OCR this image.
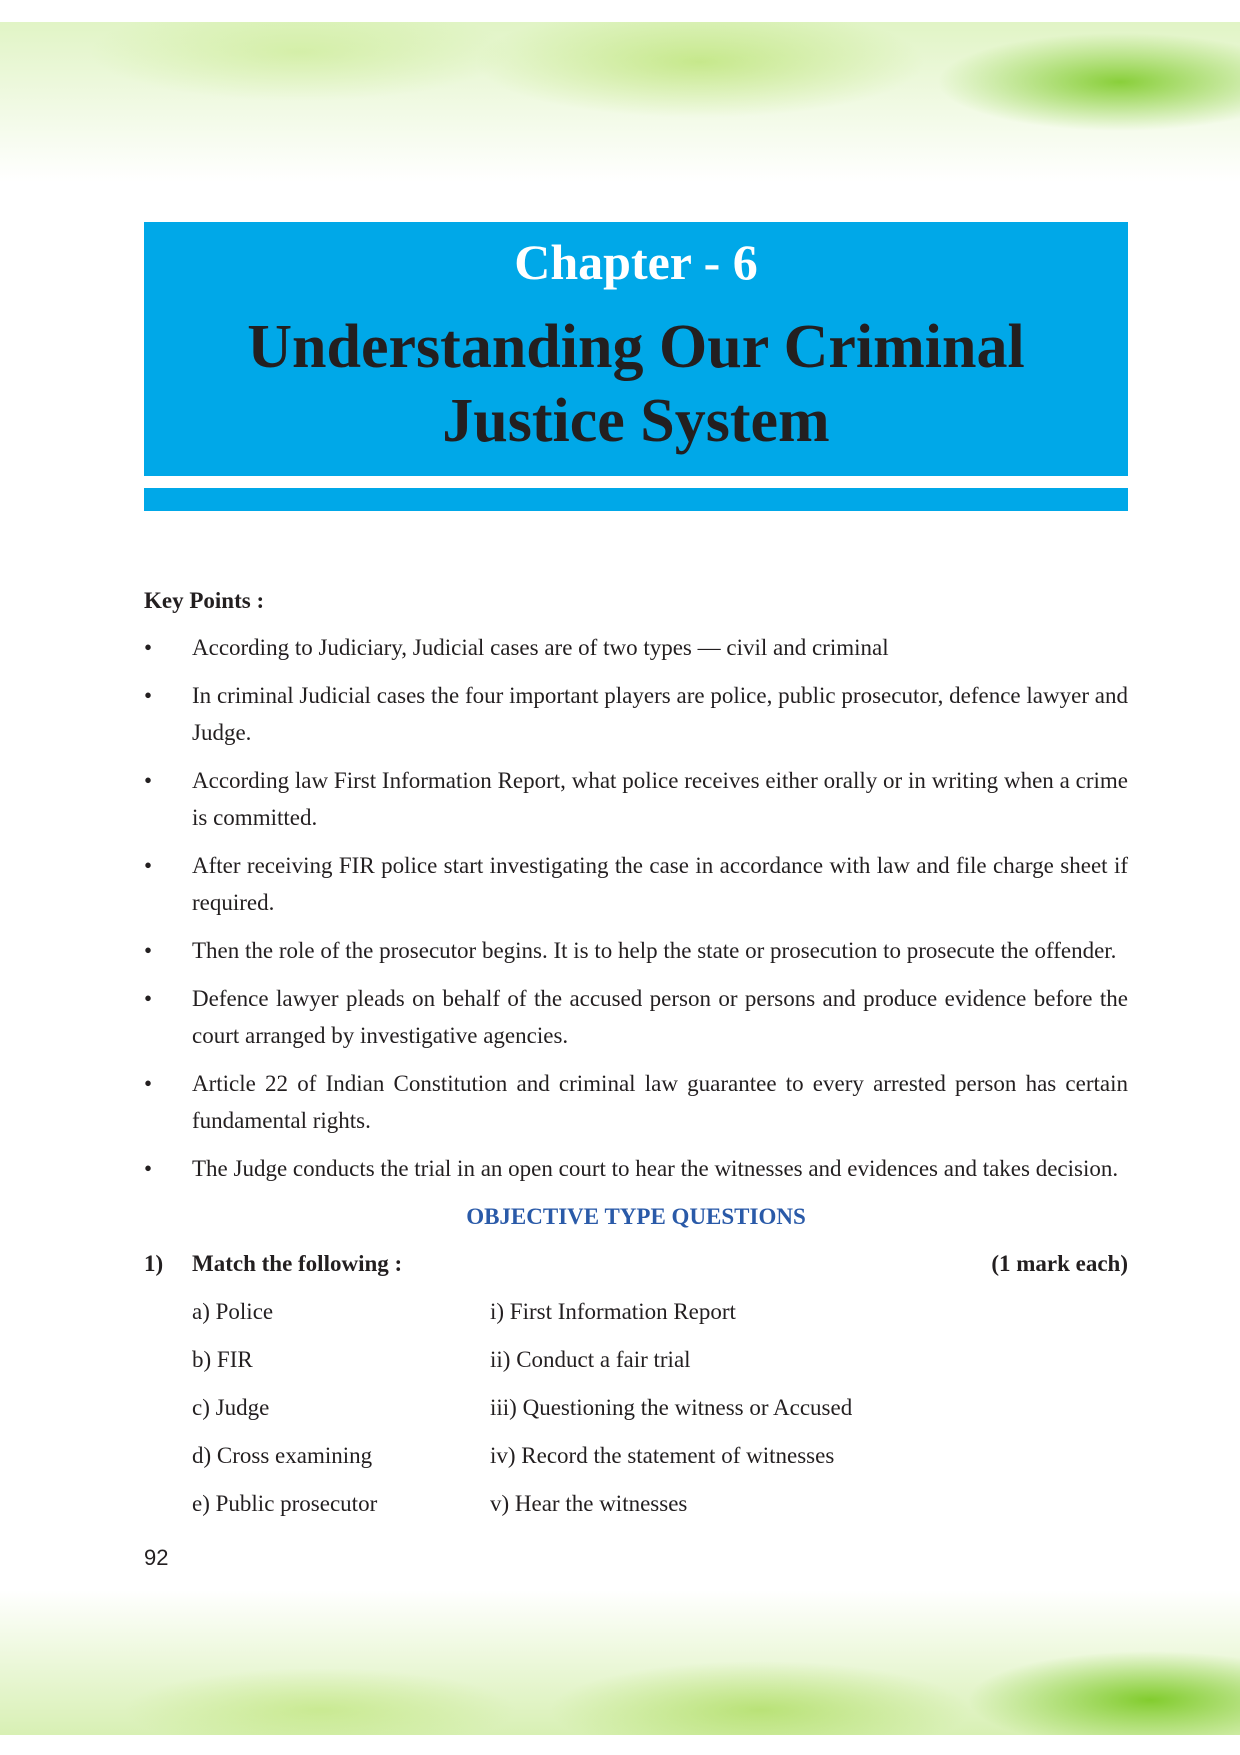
Chapter - 6
Understanding Our Criminal
Justice System
Key Points :
• According to Judiciary, Judicial cases are of two types — civil and criminal
• In criminal Judicial cases the four important players are police, public prosecutor, defence lawyer and Judge.
• According law First Information Report, what police receives either orally or in writing when a crime is committed.
• After receiving FIR police start investigating the case in accordance with law and file charge sheet if required.
• Then the role of the prosecutor begins. It is to help the state or prosecution to prosecute the offender.
• Defence lawyer pleads on behalf of the accused person or persons and produce evidence before the court arranged by investigative agencies.
• Article 22 of Indian Constitution and criminal law guarantee to every arrested person has certain fundamental rights.
• The Judge conducts the trial in an open court to hear the witnesses and evidences and takes decision.
OBJECTIVE TYPE QUESTIONS
1)	Match the following :	(1 mark each)
a) Police	i) First Information Report
b) FIR	ii) Conduct a fair trial
c) Judge	iii) Questioning the witness or Accused
d) Cross examining	iv) Record the statement of witnesses
e) Public prosecutor	v) Hear the witnesses
92
